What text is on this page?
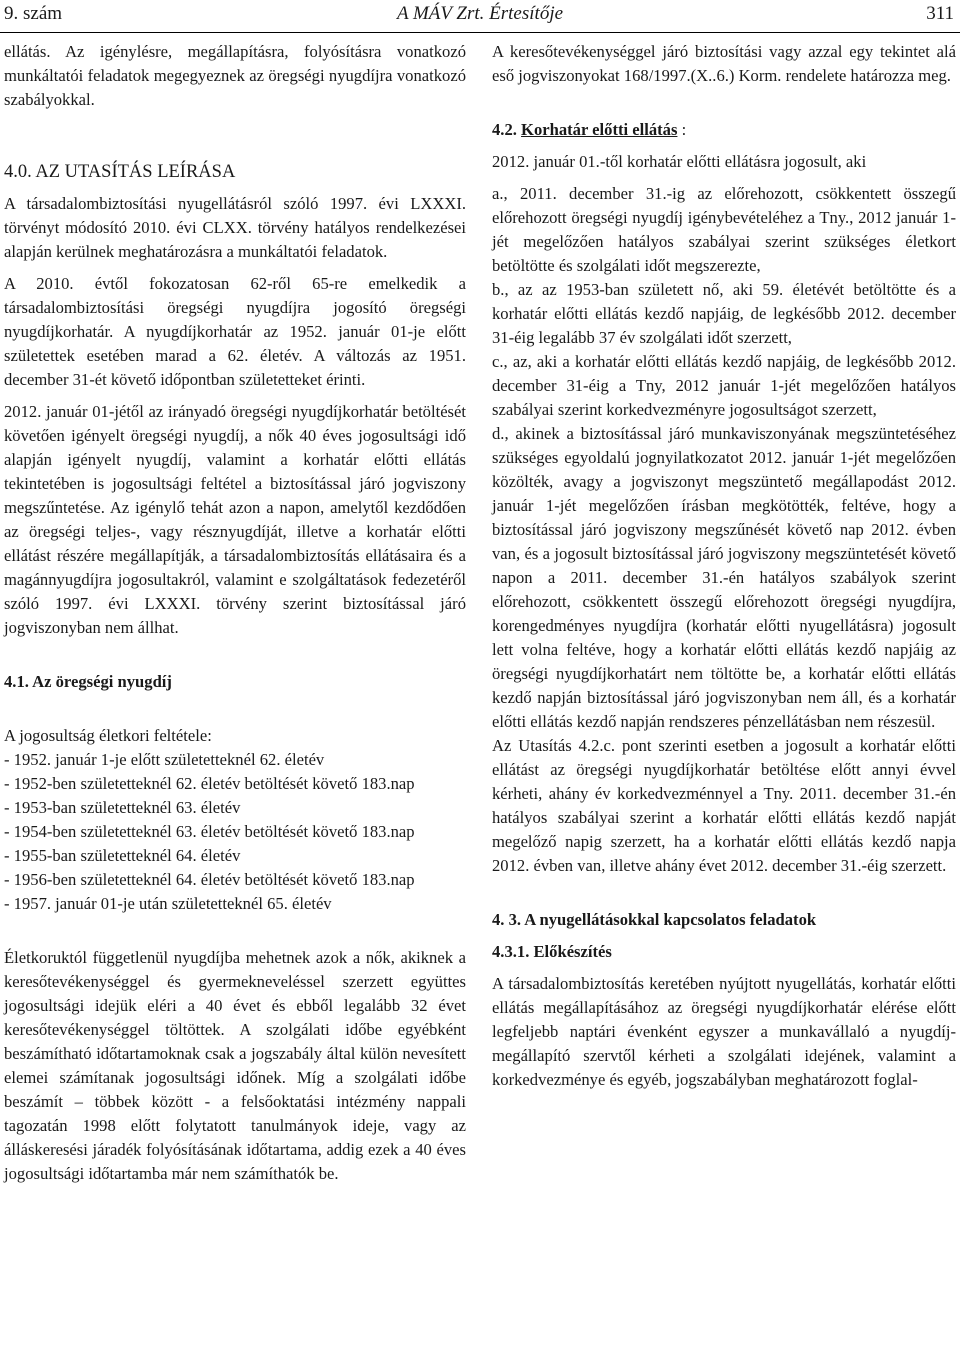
9. szám	A MÁV Zrt. Értesítője	311

ellátás. Az igénylésre, megállapításra, folyósításra vonatkozó munkáltatói feladatok megegyeznek az öregségi nyugdíjra vonatkozó szabályokkal.

4.0. AZ UTASÍTÁS LEÍRÁSA

A társadalombiztosítási nyugellátásról szóló 1997. évi LXXXI. törvényt módosító 2010. évi CLXX. törvény hatályos rendelkezései alapján kerülnek meghatározásra a munkáltatói feladatok.

A 2010. évtől fokozatosan 62-ről 65-re emelkedik a társadalombiztosítási öregségi nyugdíjra jogosító öregségi nyugdíjkorhatár. A nyugdíjkorhatár az 1952. január 01-je előtt születettek esetében marad a 62. életév. A változás az 1951. december 31-ét követő időpontban születetteket érinti.

2012. január 01-jétől az irányadó öregségi nyugdíjkorhatár betöltését követően igényelt öregségi nyugdíj, a nők 40 éves jogosultsági idő alapján igényelt nyugdíj, valamint a korhatár előtti ellátás tekintetében is jogosultsági feltétel a biztosítással járó jogviszony megszűntetése. Az igénylő tehát azon a napon, amelytől kezdődően az öregségi teljes-, vagy résznyugdíját, illetve a korhatár előtti ellátást részére megállapítják, a társadalombiztosítás ellátásaira és a magánnyugdíjra jogosultakról, valamint e szolgáltatások fedezetéről szóló 1997. évi LXXXI. törvény szerint biztosítással járó jogviszonyban nem állhat.

4.1. Az öregségi nyugdíj

A jogosultság életkori feltétele:

- 1952. január 1-je előtt születetteknél 62. életév

- 1952-ben születetteknél 62. életév betöltését követő 183.nap

- 1953-ban születetteknél 63. életév

- 1954-ben születetteknél 63. életév betöltését követő 183.nap

- 1955-ban születetteknél 64. életév

- 1956-ben születetteknél 64. életév betöltését követő 183.nap

- 1957. január 01-je után születetteknél 65. életév

Életkoruktól függetlenül nyugdíjba mehetnek azok a nők, akiknek a keresőtevékenységgel és gyermekneveléssel szerzett együttes jogosultsági idejük eléri a 40 évet és ebből legalább 32 évet keresőtevékenységgel töltöttek. A szolgálati időbe egyébként beszámítható időtartamoknak csak a jogszabály által külön nevesített elemei számítanak jogosultsági időnek. Míg a szolgálati időbe beszámít – többek között - a felsőoktatási intézmény nappali tagozatán 1998 előtt folytatott tanulmányok ideje, vagy az álláskeresési járadék folyósításának időtartama, addig ezek a 40 éves jogosultsági időtartamba már nem számíthatók be.

A keresőtevékenységgel járó biztosítási vagy azzal egy tekintet alá eső jogviszonyokat 168/1997.(X..6.) Korm. rendelete határozza meg.

4.2. Korhatár előtti ellátás :

2012. január 01.-től korhatár előtti ellátásra jogosult, aki

a., 2011. december 31.-ig az előrehozott, csökkentett összegű előrehozott öregségi nyugdíj igénybevételéhez a Tny., 2012 január 1-jét megelőzően hatályos szabályai szerint szükséges életkort betöltötte és szolgálati időt megszerezte,

b., az az 1953-ban született nő, aki 59. életévét betöltötte és a korhatár előtti ellátás kezdő napjáig, de legkésőbb 2012. december 31-éig legalább 37 év szolgálati időt szerzett,

c., az, aki a korhatár előtti ellátás kezdő napjáig, de legkésőbb 2012. december 31-éig a Tny, 2012 január 1-jét megelőzően hatályos szabályai szerint korkedvezményre jogosultságot szerzett,

d., akinek a biztosítással járó munkaviszonyának megszüntetéséhez szükséges egyoldalú jognyilatkozatot 2012. január 1-jét megelőzően közölték, avagy a jogviszonyt megszüntető megállapodást 2012. január 1-jét megelőzően írásban megkötötték, feltéve, hogy a biztosítással járó jogviszony megszűnését követő nap 2012. évben van, és a jogosult biztosítással járó jogviszony megszüntetését követő napon a 2011. december 31.-én hatályos szabályok szerint előrehozott, csökkentett összegű előrehozott öregségi nyugdíjra, korengedményes nyugdíjra (korhatár előtti nyugellátásra) jogosult lett volna feltéve, hogy a korhatár előtti ellátás kezdő napjáig az öregségi nyugdíjkorhatárt nem töltötte be, a korhatár előtti ellátás kezdő napján biztosítással járó jogviszonyban nem áll, és a korhatár előtti ellátás kezdő napján rendszeres pénzellátásban nem részesül.

Az Utasítás 4.2.c. pont szerinti esetben a jogosult a korhatár előtti ellátást az öregségi nyugdíjkorhatár betöltése előtt annyi évvel kérheti, ahány év korkedvezménnyel a Tny. 2011. december 31.-én hatályos szabályai szerint a korhatár előtti ellátás kezdő napját megelőző napig szerzett, ha a korhatár előtti ellátás kezdő napja 2012. évben van, illetve ahány évet 2012. december 31.-éig szerzett.

4. 3. A nyugellátásokkal kapcsolatos feladatok

4.3.1. Előkészítés

A társadalombiztosítás keretében nyújtott nyugellátás, korhatár előtti ellátás megállapításához az öregségi nyugdíjkorhatár elérése előtt legfeljebb naptári évenként egyszer a munkavállaló a nyugdíj-megállapító szervtől kérheti a szolgálati idejének, valamint a korkedvezménye és egyéb, jogszabályban meghatározott foglal-
